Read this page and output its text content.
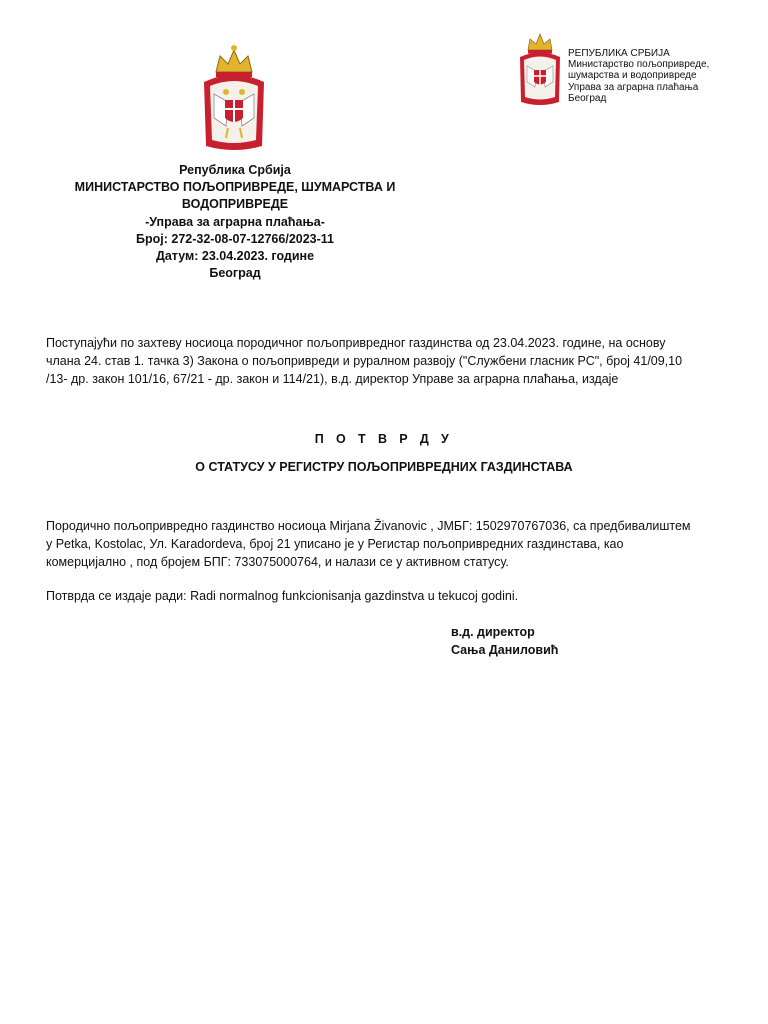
Република Србија
МИНИСТАРСТВО ПОЉОПРИВРЕДЕ, ШУМАРСТВА И
ВОДОПРИВРЕДЕ
-Управа за аграрна плаћања-
Број: 272-32-08-07-12766/2023-11
Датум: 23.04.2023. године
Београд
РЕПУБЛИКА СРБИЈА
Министарство пољопривреде,
шумарства и водопривреде
Управа за аграрна плаћања
Београд
Поступајући по захтеву носиоца породичног пољопривредног газдинства од 23.04.2023. године, на основу
члана 24. став 1. тачка 3) Закона о пољопривреди и руралном развоју ("Службени гласник РС", број 41/09,10
/13- др. закон 101/16, 67/21 - др. закон и 114/21), в.д. директор Управе за аграрна плаћања, издаје
П О Т В Р Д У
О СТАТУСУ У РЕГИСТРУ ПОЉОПРИВРЕДНИХ ГАЗДИНСТАВА
Породично пољопривредно газдинство носиоца Mirjana Živanovic , ЈМБГ: 1502970767036, са предбивалиштем
у Petka, Kostolac, Ул. Karadordeva, број 21 уписано је у Регистар пољопривредних газдинстава, као
комерцијално , под бројем БПГ: 733075000764, и налази се у активном статусу.
Потврда се издаје ради: Radi normalnog funkcionisanja gazdinstva u tekucoj godini.
в.д. директор
Сања Даниловић
